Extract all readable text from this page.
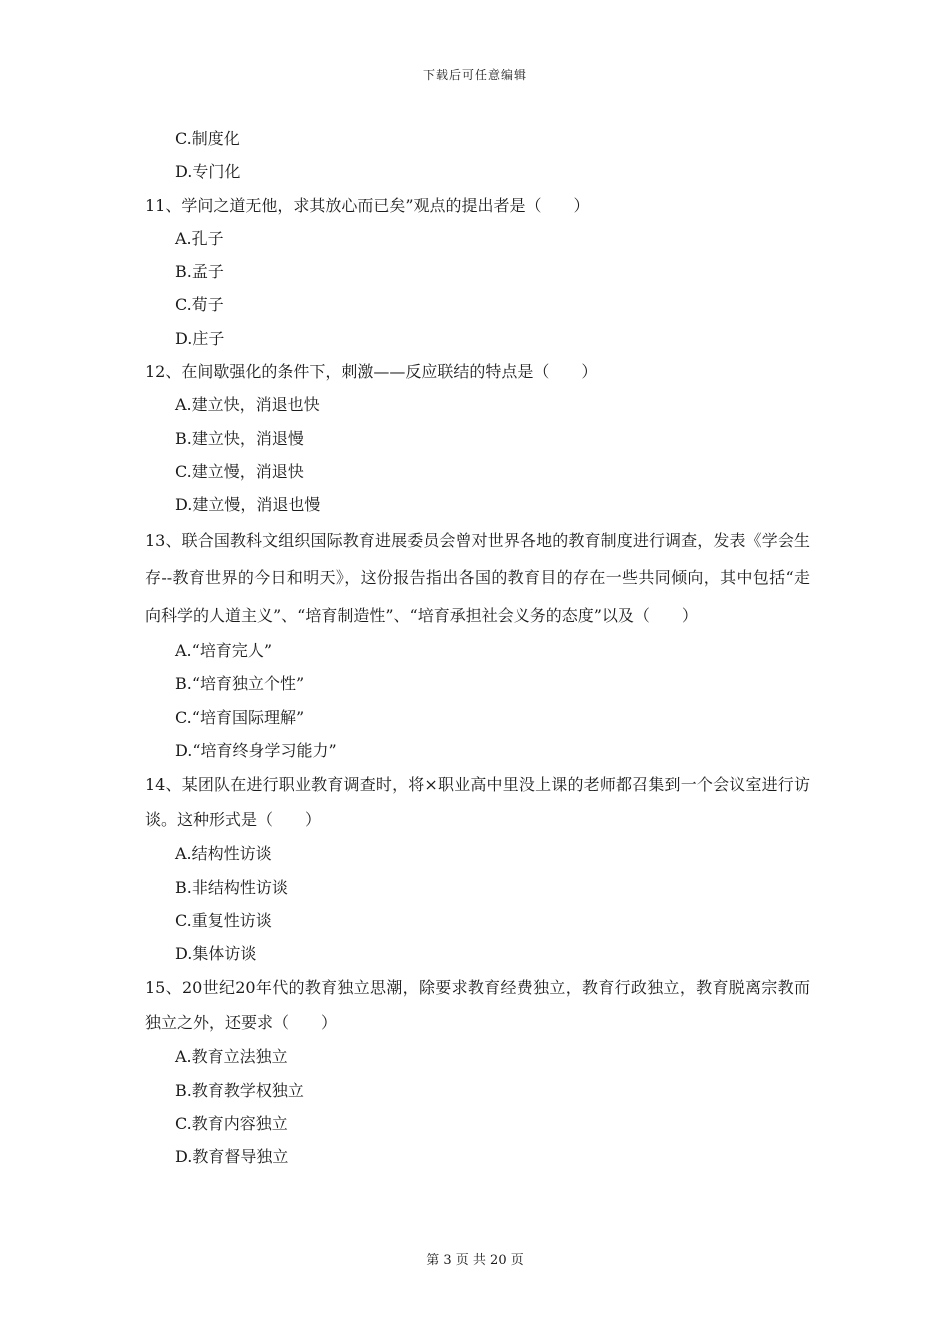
下载后可任意编辑
C.制度化
D.专门化
11、学问之道无他，求其放心而已矣”观点的提出者是（　　）
A.孔子
B.孟子
C.荀子
D.庄子
12、在间歇强化的条件下，刺激——反应联结的特点是（　　）
A.建立快，消退也快
B.建立快，消退慢
C.建立慢，消退快
D.建立慢，消退也慢
13、联合国教科文组织国际教育进展委员会曾对世界各地的教育制度进行调查，发表《学会生存--教育世界的今日和明天》，这份报告指出各国的教育目的存在一些共同倾向，其中包括“走向科学的人道主义”、“培育制造性”、“培育承担社会义务的态度”以及（　　）
A.“培育完人”
B.“培育独立个性”
C.“培育国际理解”
D.“培育终身学习能力”
14、某团队在进行职业教育调查时，将×职业高中里没上课的老师都召集到一个会议室进行访谈。这种形式是（　　）
A.结构性访谈
B.非结构性访谈
C.重复性访谈
D.集体访谈
15、20世纪20年代的教育独立思潮，除要求教育经费独立，教育行政独立，教育脱离宗教而独立之外，还要求（　　）
A.教育立法独立
B.教育教学权独立
C.教育内容独立
D.教育督导独立
第 3 页 共 20 页
